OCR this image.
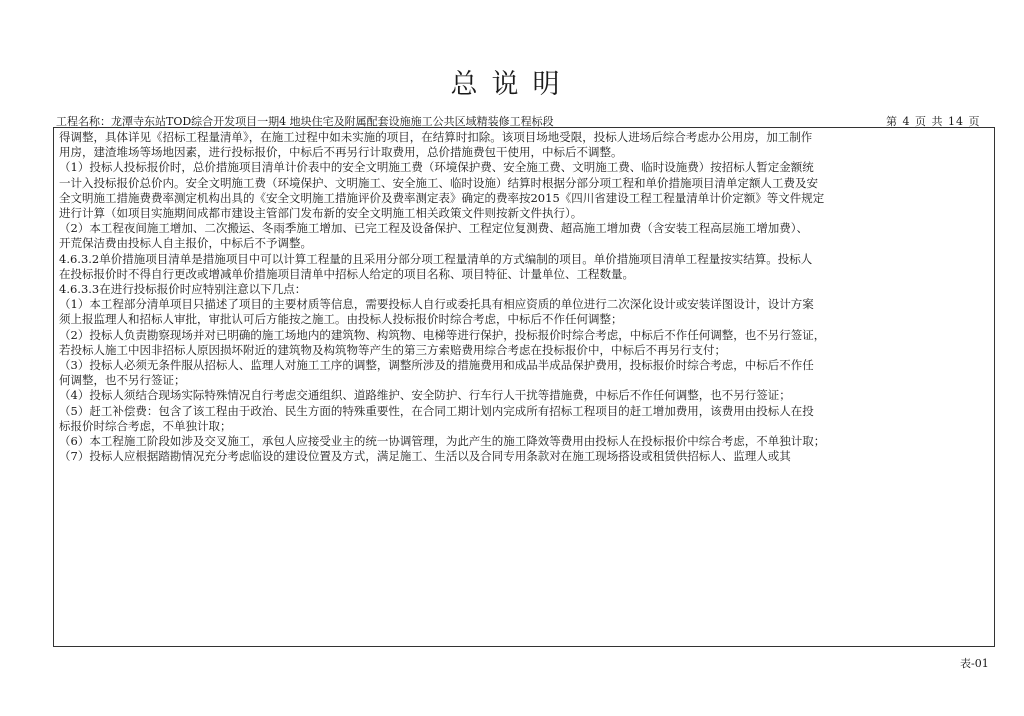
总说明
工程名称：龙潭寺东站TOD综合开发项目一期4 地块住宅及附属配套设施施工公共区域精装修工程标段	第 4 页 共 14 页
得调整，具体详见《招标工程量清单》，在施工过程中如未实施的项目，在结算时扣除。该项目场地受限，投标人进场后综合考虑办公用房，加工制作
用房，建渣堆场等场地因素，进行投标报价，中标后不再另行计取费用，总价措施费包干使用，中标后不调整。
（1）投标人投标报价时，总价措施项目清单计价表中的安全文明施工费（环境保护费、安全施工费、文明施工费、临时设施费）按招标人暂定金额统
一计入投标报价总价内。安全文明施工费（环境保护、文明施工、安全施工、临时设施）结算时根据分部分项工程和单价措施项目清单定额人工费及安
全文明施工措施费费率测定机构出具的《安全文明施工措施评价及费率测定表》确定的费率按2015《四川省建设工程工程量清单计价定额》等文件规定
进行计算（如项目实施期间成都市建设主管部门发布新的安全文明施工相关政策文件则按新文件执行）。
（2）本工程夜间施工增加、二次搬运、冬雨季施工增加、已完工程及设备保护、工程定位复测费、超高施工增加费（含安装工程高层施工增加费）、
开荒保洁费由投标人自主报价，中标后不予调整。
4.6.3.2单价措施项目清单是措施项目中可以计算工程量的且采用分部分项工程量清单的方式编制的项目。单价措施项目清单工程量按实结算。投标人
在投标报价时不得自行更改或增减单价措施项目清单中招标人给定的项目名称、项目特征、计量单位、工程数量。
4.6.3.3在进行投标报价时应特别注意以下几点：
（1）本工程部分清单项目只描述了项目的主要材质等信息，需要投标人自行或委托具有相应资质的单位进行二次深化设计或安装详图设计，设计方案
须上报监理人和招标人审批，审批认可后方能按之施工。由投标人投标报价时综合考虑，中标后不作任何调整；
（2）投标人负责勘察现场并对已明确的施工场地内的建筑物、构筑物、电梯等进行保护，投标报价时综合考虑，中标后不作任何调整，也不另行签证，
若投标人施工中因非招标人原因损坏附近的建筑物及构筑物等产生的第三方索赔费用综合考虑在投标报价中，中标后不再另行支付；
（3）投标人必须无条件服从招标人、监理人对施工工序的调整，调整所涉及的措施费用和成品半成品保护费用，投标报价时综合考虑，中标后不作任
何调整，也不另行签证；
（4）投标人须结合现场实际特殊情况自行考虑交通组织、道路维护、安全防护、行车行人干扰等措施费，中标后不作任何调整，也不另行签证；
（5）赶工补偿费：包含了该工程由于政治、民生方面的特殊重要性，在合同工期计划内完成所有招标工程项目的赶工增加费用，该费用由投标人在投
标报价时综合考虑，不单独计取；
（6）本工程施工阶段如涉及交叉施工，承包人应接受业主的统一协调管理，为此产生的施工降效等费用由投标人在投标报价中综合考虑，不单独计取；
（7）投标人应根据踏勘情况充分考虑临设的建设位置及方式，满足施工、生活以及合同专用条款对在施工现场搭设或租赁供招标人、监理人或其
表-01
